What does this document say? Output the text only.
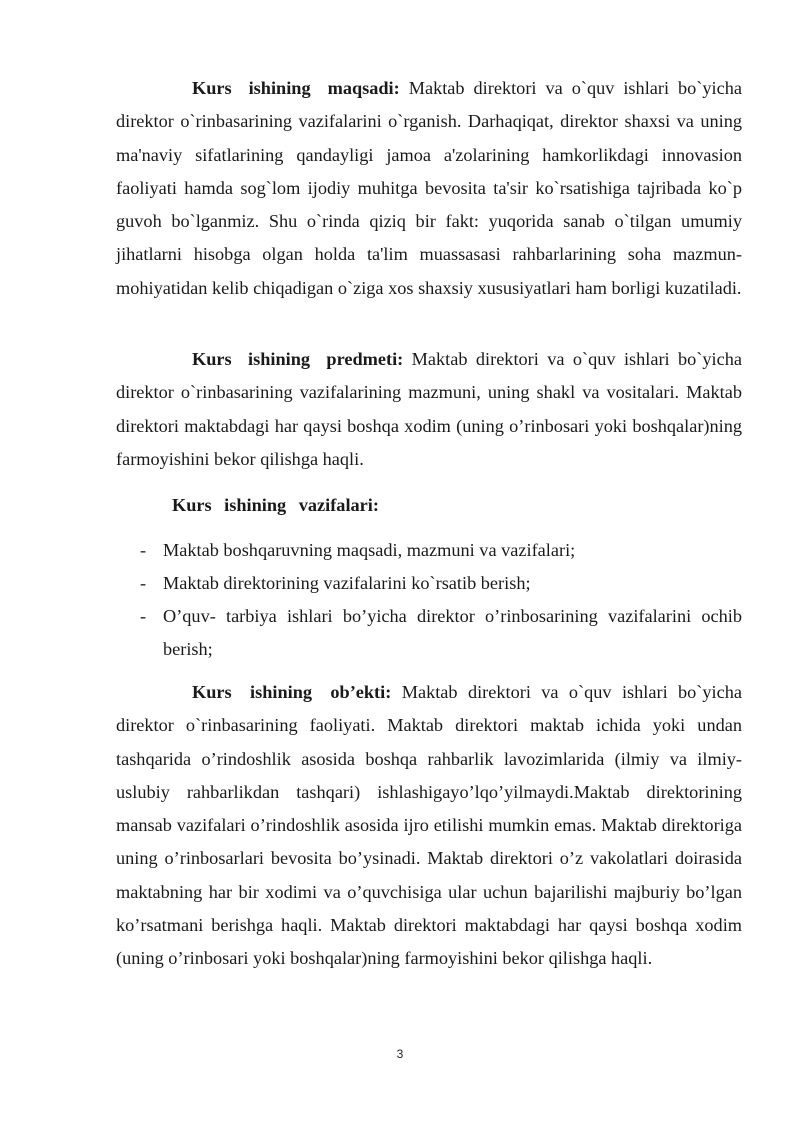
Kurs ishining maqsadi: Maktab direktori va o`quv ishlari bo`yicha direktor o`rinbasarining vazifalarini o`rganish. Darhaqiqat, direktor shaxsi va uning ma'naviy sifatlarining qandayligi jamoa a'zolarining hamkorlikdagi innovasion faoliyati hamda sog`lom ijodiy muhitga bevosita ta'sir ko`rsatishiga tajribada ko`p guvoh bo`lganmiz. Shu o`rinda qiziq bir fakt: yuqorida sanab o`tilgan umumiy jihatlarni hisobga olgan holda ta'lim muassasasi rahbarlarining soha mazmun-mohiyatidan kelib chiqadigan o`ziga xos shaxsiy xususiyatlari ham borligi kuzatiladi.

Kurs ishining predmeti: Maktab direktori va o`quv ishlari bo`yicha direktor o`rinbasarining vazifalarining mazmuni, uning shakl va vositalari. Maktab direktori maktabdagi har qaysi boshqa xodim (uning o’rinbosari yoki boshqalar)ning farmoyishini bekor qilishga haqli.

Kurs ishining vazifalari:

- Maktab boshqaruvning maqsadi, mazmuni va vazifalari;
- Maktab direktorining vazifalarini ko`rsatib berish;
- O’quv- tarbiya ishlari bo’yicha direktor o’rinbosarining vazifalarini ochib berish;

Kurs ishining ob’ekti: Maktab direktori va o`quv ishlari bo`yicha direktor o`rinbasarining faoliyati. Maktab direktori maktab ichida yoki undan tashqarida o’rindoshlik asosida boshqa rahbarlik lavozimlarida (ilmiy va ilmiy-uslubiy rahbarlikdan tashqari) ishlashigayo’lqo’yilmaydi.Maktab direktorining mansab vazifalari o’rindoshlik asosida ijro etilishi mumkin emas. Maktab direktoriga uning o’rinbosarlari bevosita bo’ysinadi. Maktab direktori o’z vakolatlari doirasida maktabning har bir xodimi va o’quvchisiga ular uchun bajarilishi majburiy bo’lgan ko’rsatmani berishga haqli. Maktab direktori maktabdagi har qaysi boshqa xodim (uning o’rinbosari yoki boshqalar)ning farmoyishini bekor qilishga haqli.

3
